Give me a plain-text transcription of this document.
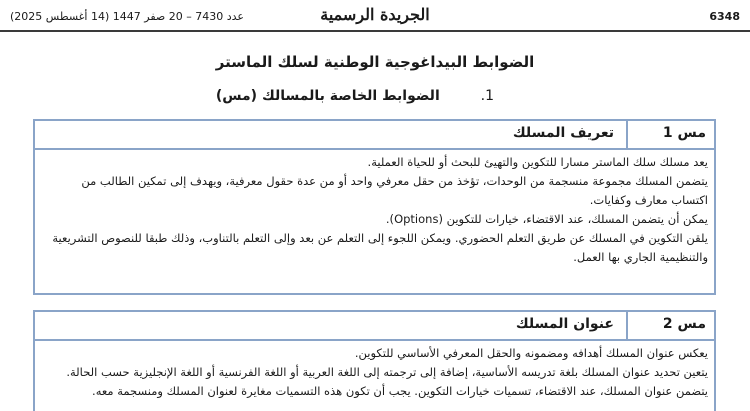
6348
الجريدة الرسمية
عدد 7430 – 20 صفر 1447 (14 أغسطس 2025)
الضوابط البيداغوجية الوطنية لسلك الماستر
1. الضوابط الخاصة بالمسالك (مس)
مس 1
تعريف المسلك

يعد مسلك سلك الماستر مسارا للتكوين والتهيئ للبحث أو للحياة العملية.

يتضمن المسلك مجموعة منسجمة من الوحدات، تؤخذ من حقل معرفي واحد أو من عدة حقول معرفية، ويهدف إلى تمكين الطالب من اكتساب معارف وكفايات.

يمكن أن يتضمن المسلك، عند الاقتضاء، خيارات للتكوين (Options).

يلقن التكوين في المسلك عن طريق التعلم الحضوري. ويمكن اللجوء إلى التعلم عن بعد وإلى التعلم بالتناوب، وذلك طبقا للنصوص التشريعية والتنظيمية الجاري بها العمل.

مس 2
عنوان المسلك

يعكس عنوان المسلك أهدافه ومضمونه والحقل المعرفي الأساسي للتكوين.

يتعين تحديد عنوان المسلك بلغة تدريسه الأساسية، إضافة إلى ترجمته إلى اللغة العربية أو اللغة الفرنسية أو اللغة الإنجليزية حسب الحالة.

يتضمن عنوان المسلك، عند الاقتضاء، تسميات خيارات التكوين. يجب أن تكون هذه التسميات مغايرة لعنوان المسلك ومنسجمة معه.
